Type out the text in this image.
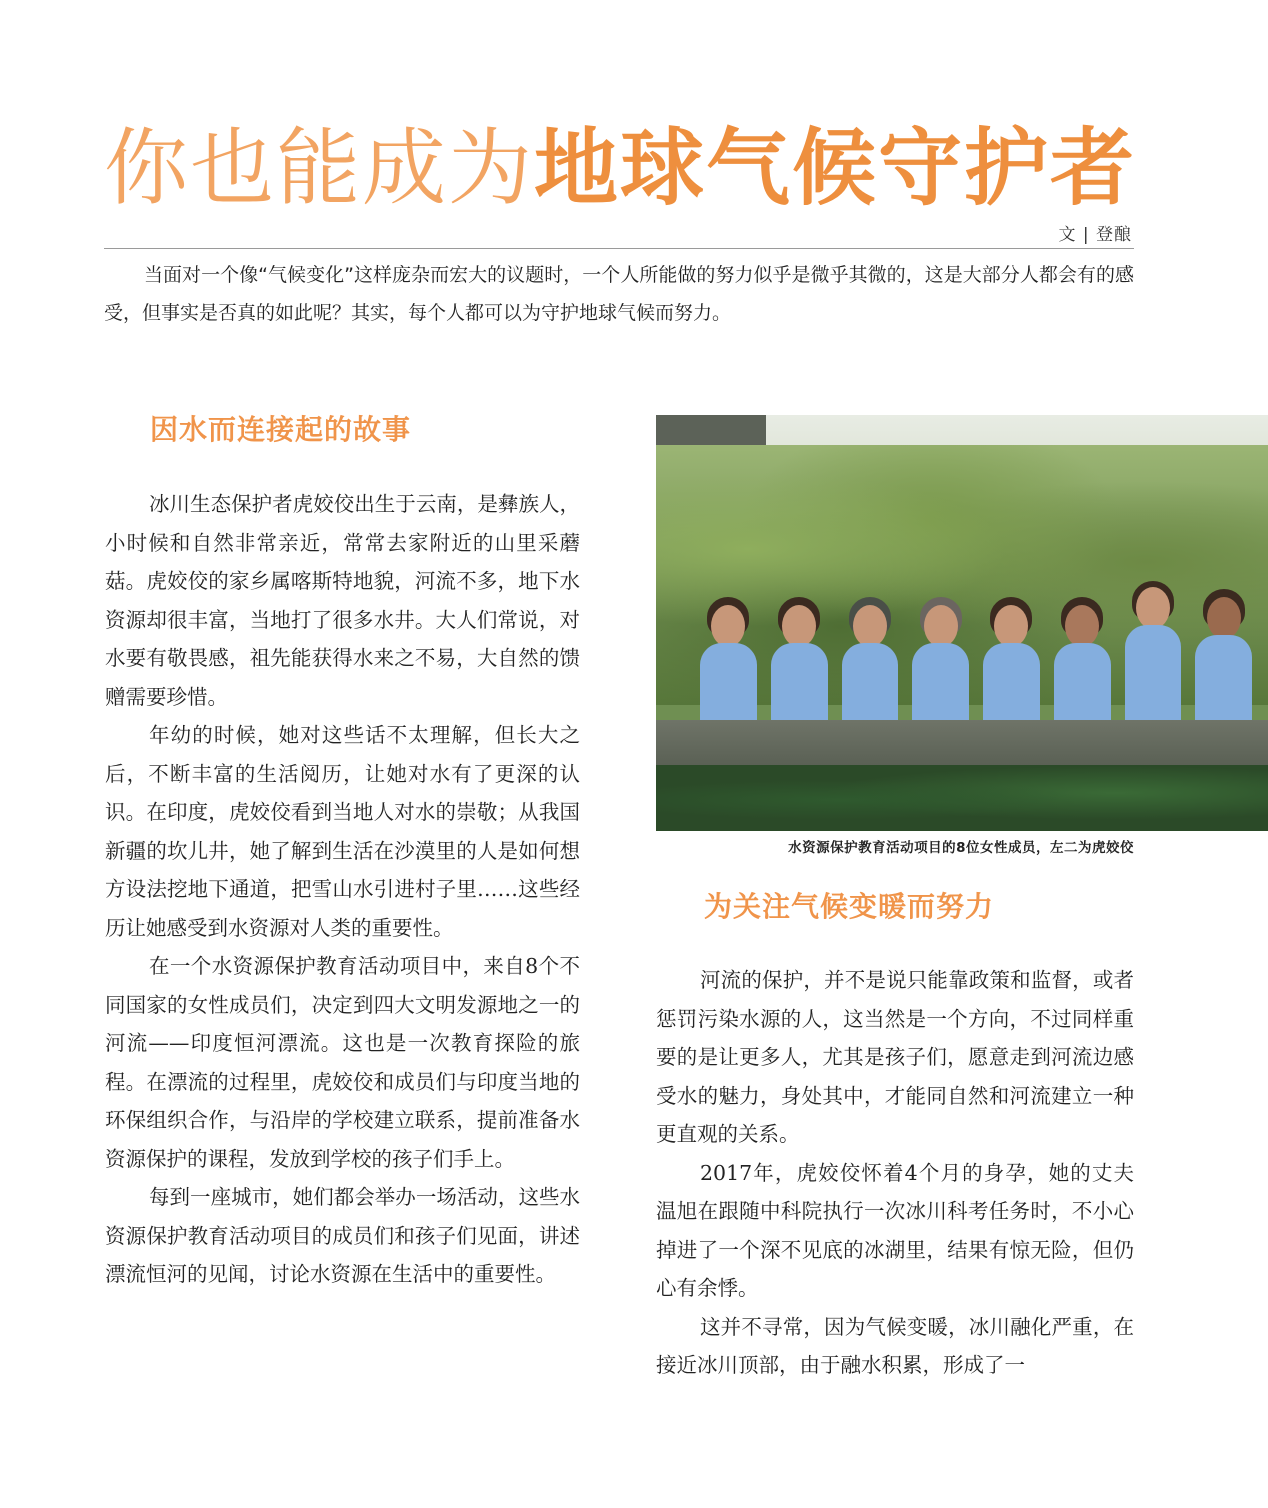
你也能成为地球气候守护者
文 | 登酿
当面对一个像“气候变化”这样庞杂而宏大的议题时，一个人所能做的努力似乎是微乎其微的，这是大部分人都会有的感受，但事实是否真的如此呢？其实，每个人都可以为守护地球气候而努力。
因水而连接起的故事

冰川生态保护者虎姣佼出生于云南，是彝族人，小时候和自然非常亲近，常常去家附近的山里采蘑菇。虎姣佼的家乡属喀斯特地貌，河流不多，地下水资源却很丰富，当地打了很多水井。大人们常说，对水要有敬畏感，祖先能获得水来之不易，大自然的馈赠需要珍惜。

年幼的时候，她对这些话不太理解，但长大之后，不断丰富的生活阅历，让她对水有了更深的认识。在印度，虎姣佼看到当地人对水的崇敬；从我国新疆的坎儿井，她了解到生活在沙漠里的人是如何想方设法挖地下通道，把雪山水引进村子里……这些经历让她感受到水资源对人类的重要性。

在一个水资源保护教育活动项目中，来自8个不同国家的女性成员们，决定到四大文明发源地之一的河流——印度恒河漂流。这也是一次教育探险的旅程。在漂流的过程里，虎姣佼和成员们与印度当地的环保组织合作，与沿岸的学校建立联系，提前准备水资源保护的课程，发放到学校的孩子们手上。

每到一座城市，她们都会举办一场活动，这些水资源保护教育活动项目的成员们和孩子们见面，讲述漂流恒河的见闻，讨论水资源在生活中的重要性。

水资源保护教育活动项目的8位女性成员，左二为虎姣佼
为关注气候变暖而努力

河流的保护，并不是说只能靠政策和监督，或者惩罚污染水源的人，这当然是一个方向，不过同样重要的是让更多人，尤其是孩子们，愿意走到河流边感受水的魅力，身处其中，才能同自然和河流建立一种更直观的关系。

2017年，虎姣佼怀着4个月的身孕，她的丈夫温旭在跟随中科院执行一次冰川科考任务时，不小心掉进了一个深不见底的冰湖里，结果有惊无险，但仍心有余悸。

这并不寻常，因为气候变暖，冰川融化严重，在接近冰川顶部，由于融水积累，形成了一
